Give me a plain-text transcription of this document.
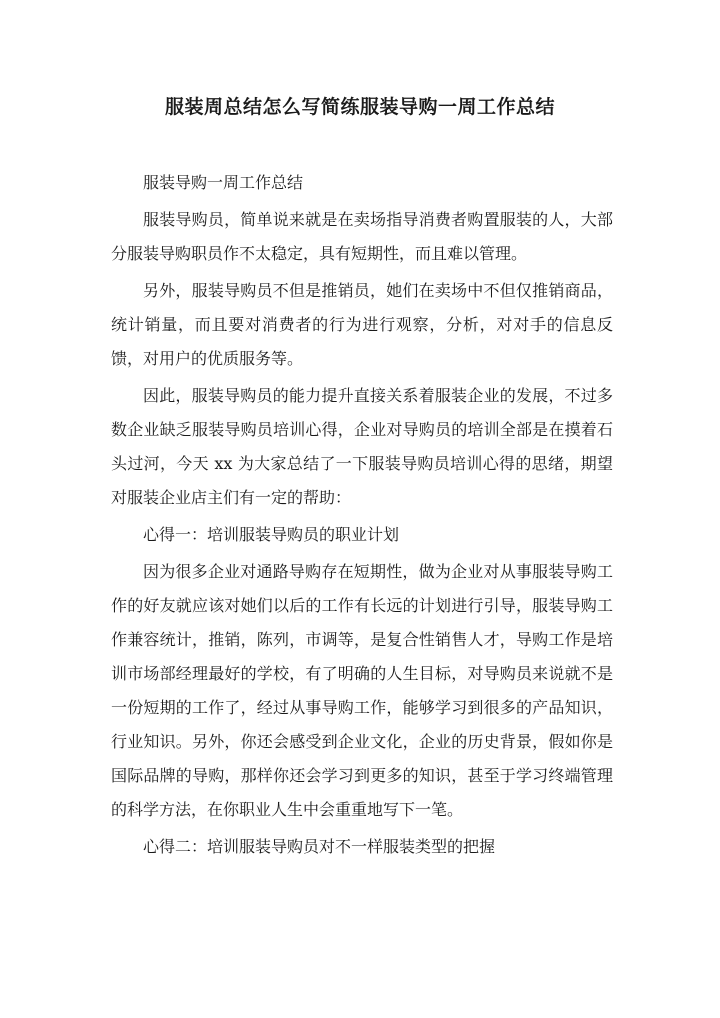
服装周总结怎么写简练服装导购一周工作总结

服装导购一周工作总结

服装导购员，简单说来就是在卖场指导消费者购置服装的人，大部分服装导购职员作不太稳定，具有短期性，而且难以管理。

另外，服装导购员不但是推销员，她们在卖场中不但仅推销商品，统计销量，而且要对消费者的行为进行观察，分析，对对手的信息反馈，对用户的优质服务等。

因此，服装导购员的能力提升直接关系着服装企业的发展，不过多数企业缺乏服装导购员培训心得，企业对导购员的培训全部是在摸着石头过河，今天 xx 为大家总结了一下服装导购员培训心得的思绪，期望对服装企业店主们有一定的帮助：

心得一：培训服装导购员的职业计划

因为很多企业对通路导购存在短期性，做为企业对从事服装导购工作的好友就应该对她们以后的工作有长远的计划进行引导，服装导购工作兼容统计，推销，陈列，市调等，是复合性销售人才，导购工作是培训市场部经理最好的学校，有了明确的人生目标，对导购员来说就不是一份短期的工作了，经过从事导购工作，能够学习到很多的产品知识，行业知识。另外，你还会感受到企业文化，企业的历史背景，假如你是国际品牌的导购，那样你还会学习到更多的知识，甚至于学习终端管理的科学方法，在你职业人生中会重重地写下一笔。

心得二：培训服装导购员对不一样服装类型的把握
